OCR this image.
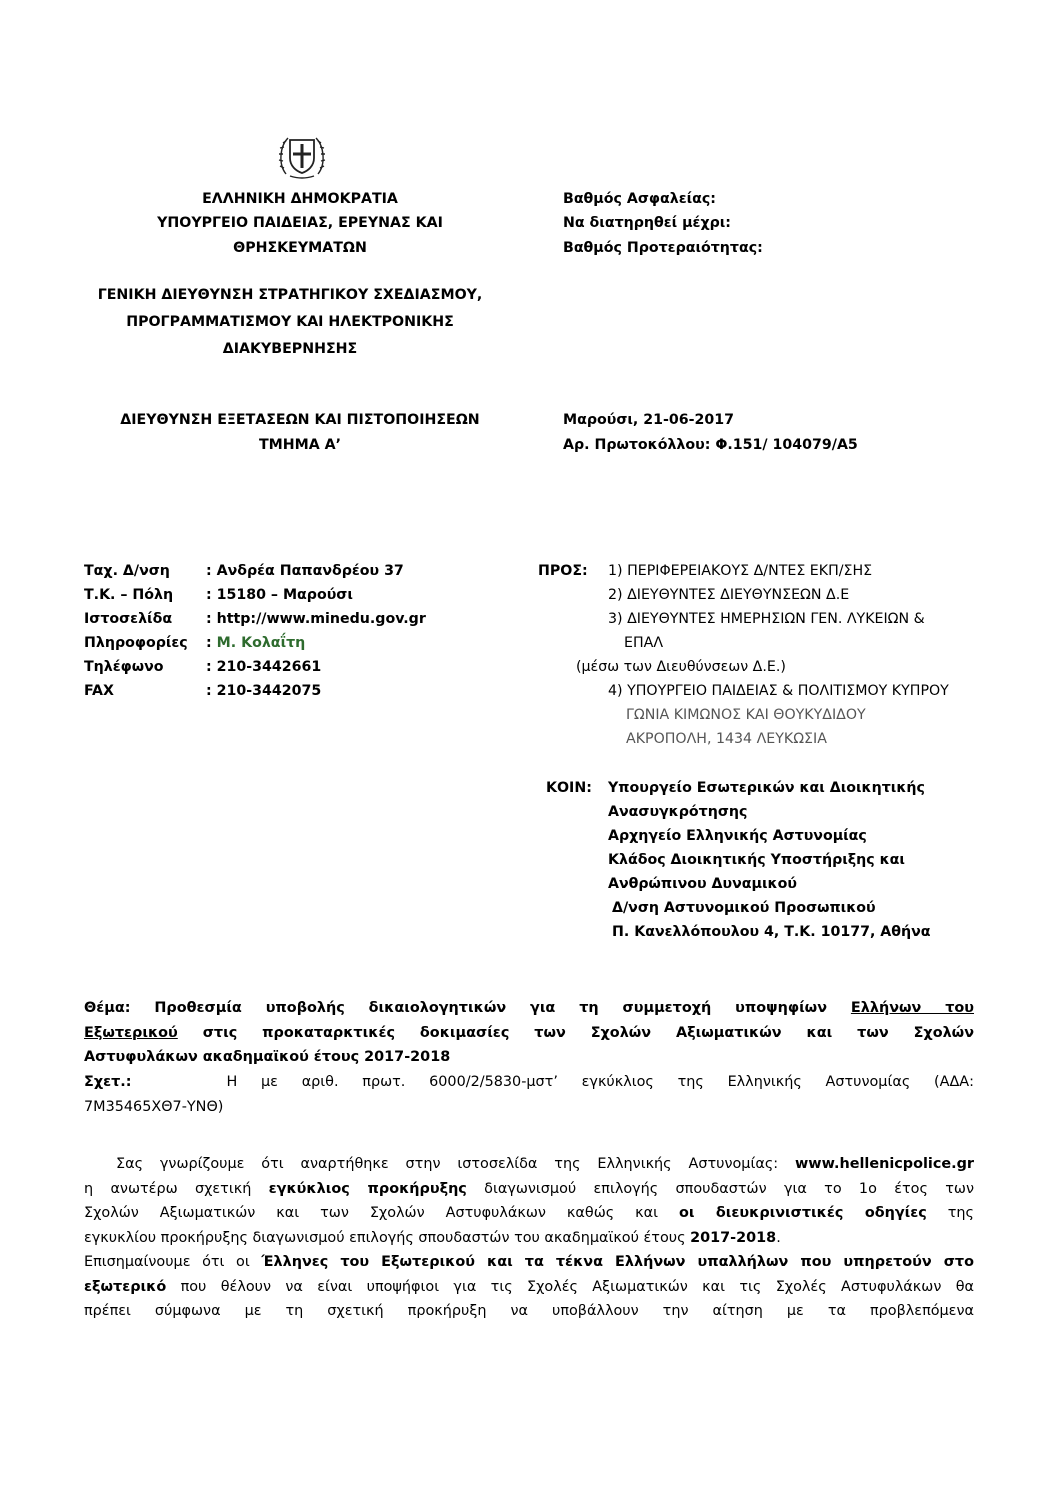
ΕΛΛΗΝΙΚΗ ΔΗΜΟΚΡΑΤΙΑ
ΥΠΟΥΡΓΕΙΟ ΠΑΙΔΕΙΑΣ, ΕΡΕΥΝΑΣ ΚΑΙ
ΘΡΗΣΚΕΥΜΑΤΩΝ
ΓΕΝΙΚΗ ΔΙΕΥΘΥΝΣΗ ΣΤΡΑΤΗΓΙΚΟΥ ΣΧΕΔΙΑΣΜΟΥ,
ΠΡΟΓΡΑΜΜΑΤΙΣΜΟΥ ΚΑΙ ΗΛΕΚΤΡΟΝΙΚΗΣ
ΔΙΑΚΥΒΕΡΝΗΣΗΣ
ΔΙΕΥΘΥΝΣΗ ΕΞΕΤΑΣΕΩΝ ΚΑΙ ΠΙΣΤΟΠΟΙΗΣΕΩΝ
ΤΜΗΜΑ Α’
Βαθμός Ασφαλείας:
Να διατηρηθεί μέχρι:
Βαθμός Προτεραιότητας:
Μαρούσι, 21-06-2017
Αρ. Πρωτοκόλλου: Φ.151/ 104079/Α5
Ταχ. Δ/νση	: Ανδρέα Παπανδρέου 37
Τ.Κ. – Πόλη : 15180 – Μαρούσι
Ιστοσελίδα : http://www.minedu.gov.gr
Πληροφορίες : Μ. Κολαΐτη
Τηλέφωνο	: 210-3442661
FAX	: 210-3442075
ΠΡΟΣ: 1) ΠΕΡΙΦΕΡΕΙΑΚΟΥΣ Δ/ΝΤΕΣ ΕΚΠ/ΣΗΣ
2) ΔΙΕΥΘΥΝΤΕΣ ΔΙΕΥΘΥΝΣΕΩΝ Δ.Ε
3) ΔΙΕΥΘΥΝΤΕΣ ΗΜΕΡΗΣΙΩΝ ΓΕΝ. ΛΥΚΕΙΩΝ &
ΕΠΑΛ
(μέσω των Διευθύνσεων Δ.Ε.)
4) ΥΠΟΥΡΓΕΙΟ ΠΑΙΔΕΙΑΣ & ΠΟΛΙΤΙΣΜΟΥ ΚΥΠΡΟΥ
ΓΩΝΙΑ ΚΙΜΩΝΟΣ ΚΑΙ ΘΟΥΚΥΔΙΔΟΥ
ΑΚΡΟΠΟΛΗ, 1434 ΛΕΥΚΩΣΙΑ
ΚΟΙΝ: Υπουργείο Εσωτερικών και Διοικητικής
Ανασυγκρότησης
Αρχηγείο Ελληνικής Αστυνομίας
Κλάδος Διοικητικής Υποστήριξης και
Ανθρώπινου Δυναμικού
Δ/νση Αστυνομικού Προσωπικού
Π. Κανελλόπουλου 4, Τ.Κ. 10177, Αθήνα
Θέμα: Προθεσμία υποβολής δικαιολογητικών για τη συμμετοχή υποψηφίων Ελλήνων του
Εξωτερικού στις προκαταρκτικές δοκιμασίες των Σχολών Αξιωματικών και των Σχολών
Αστυφυλάκων ακαδημαϊκού έτους 2017-2018
Σχετ.:	Η με αριθ. πρωτ. 6000/2/5830-μστ’ εγκύκλιος της Ελληνικής Αστυνομίας (ΑΔΑ:
7Μ35465ΧΘ7-ΥΝΘ)
Σας γνωρίζουμε ότι αναρτήθηκε στην ιστοσελίδα της Ελληνικής Αστυνομίας: www.hellenicpolice.gr
η ανωτέρω σχετική εγκύκλιος προκήρυξης διαγωνισμού επιλογής σπουδαστών για το 1ο έτος των
Σχολών Αξιωματικών και των Σχολών Αστυφυλάκων καθώς και οι διευκρινιστικές οδηγίες της
εγκυκλίου προκήρυξης διαγωνισμού επιλογής σπουδαστών του ακαδημαϊκού έτους 2017-2018.
Επισημαίνουμε ότι οι Έλληνες του Εξωτερικού και τα τέκνα Ελλήνων υπαλλήλων που υπηρετούν στο
εξωτερικό που θέλουν να είναι υποψήφιοι για τις Σχολές Αξιωματικών και τις Σχολές Αστυφυλάκων θα
πρέπει σύμφωνα με τη σχετική προκήρυξη να υποβάλλουν την αίτηση με τα προβλεπόμενα
